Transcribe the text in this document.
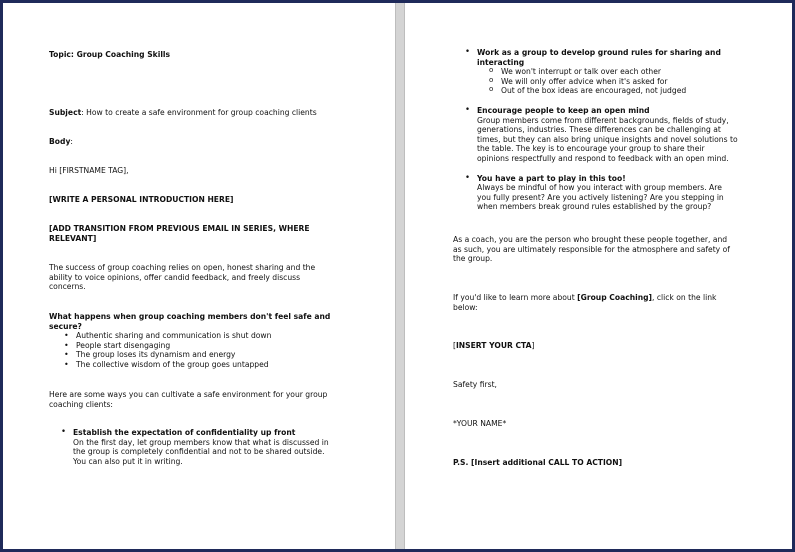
Topic: Group Coaching Skills
Subject: How to create a safe environment for group coaching clients
Body:
Hi [FIRSTNAME TAG],
[WRITE A PERSONAL INTRODUCTION HERE]
[ADD TRANSITION FROM PREVIOUS EMAIL IN SERIES, WHERE
RELEVANT]
The success of group coaching relies on open, honest sharing and the
ability to voice opinions, offer candid feedback, and freely discuss
concerns.
What happens when group coaching members don't feel safe and
secure?
• Authentic sharing and communication is shut down
• People start disengaging
• The group loses its dynamism and energy
• The collective wisdom of the group goes untapped
Here are some ways you can cultivate a safe environment for your group
coaching clients:
• Establish the expectation of confidentiality up front
On the first day, let group members know that what is discussed in
the group is completely confidential and not to be shared outside.
You can also put it in writing.
• Work as a group to develop ground rules for sharing and
interacting
o We won't interrupt or talk over each other
o We will only offer advice when it's asked for
o Out of the box ideas are encouraged, not judged
• Encourage people to keep an open mind
Group members come from different backgrounds, fields of study,
generations, industries. These differences can be challenging at
times, but they can also bring unique insights and novel solutions to
the table. The key is to encourage your group to share their
opinions respectfully and respond to feedback with an open mind.
• You have a part to play in this too!
Always be mindful of how you interact with group members. Are
you fully present? Are you actively listening? Are you stepping in
when members break ground rules established by the group?
As a coach, you are the person who brought these people together, and
as such, you are ultimately responsible for the atmosphere and safety of
the group.
If you'd like to learn more about [Group Coaching], click on the link
below:
[INSERT YOUR CTA]
Safety first,
*YOUR NAME*
P.S. [Insert additional CALL TO ACTION]
